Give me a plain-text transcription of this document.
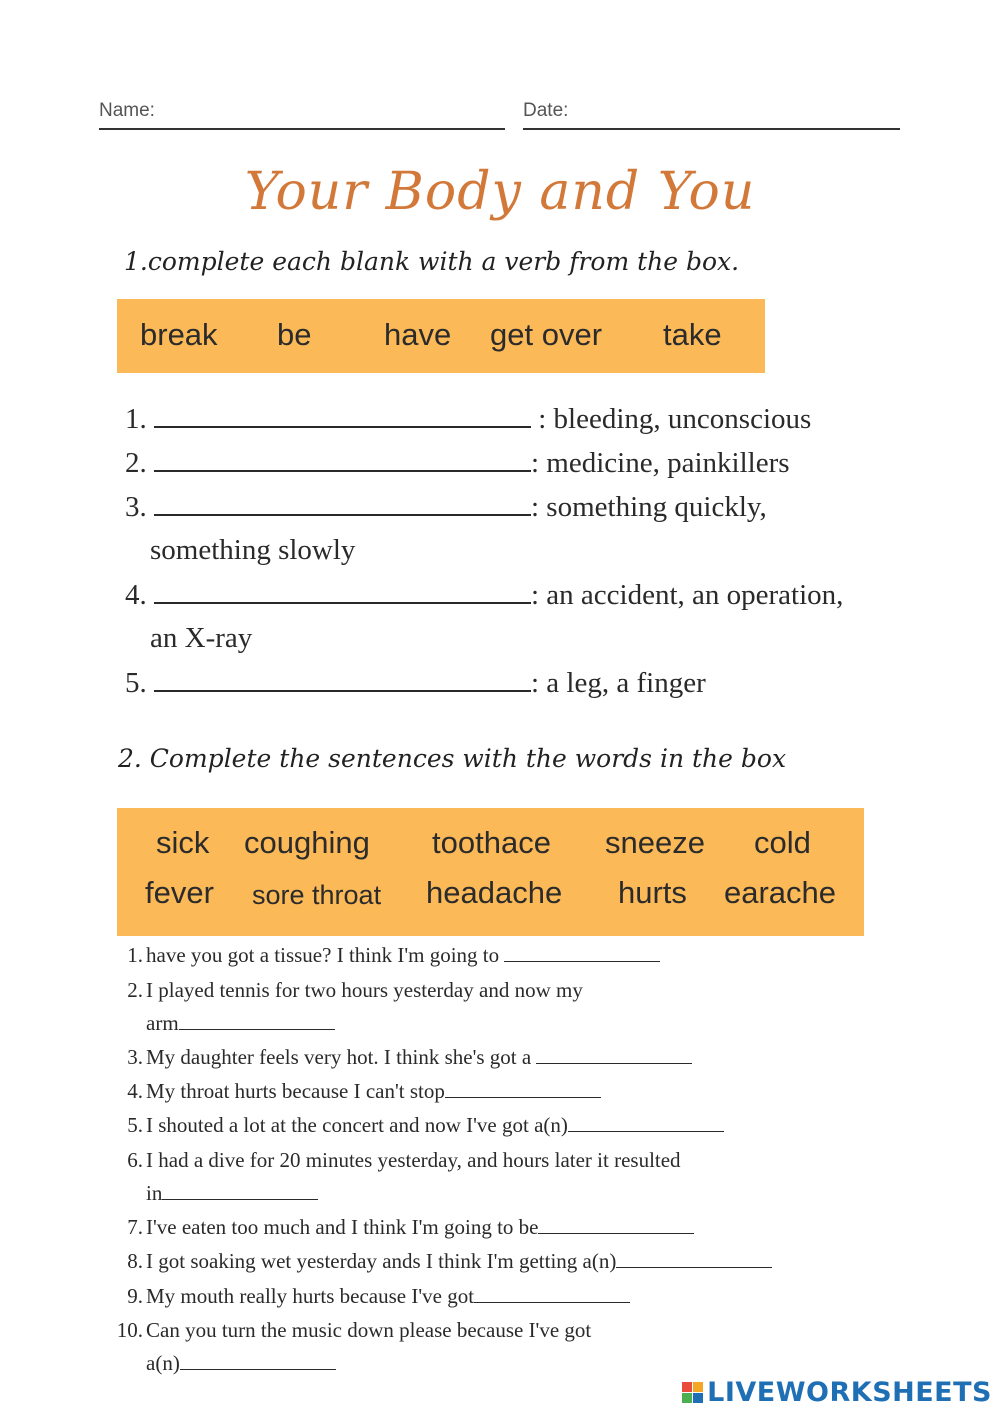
Name:	Date:
Your Body and You
1.complete each blank with a verb from the box.
break be have get over take
1.	: bleeding, unconscious
2.	: medicine, painkillers
3.	: something quickly,
something slowly
4.	: an accident, an operation,
an X-ray
5.	: a leg, a finger
2. Complete the sentences with the words in the box
sick coughing toothace sneeze cold
fever sore throat headache hurts earache
1. have you got a tissue? I think I'm going to
2. I played tennis for two hours yesterday and now my
arm
3. My daughter feels very hot. I think she's got a
4. My throat hurts because I can't stop
5. I shouted a lot at the concert and now I've got a(n)
6. I had a dive for 20 minutes yesterday, and hours later it resulted
in
7. I've eaten too much and I think I'm going to be
8. I got soaking wet yesterday ands I think I'm getting a(n)
9. My mouth really hurts because I've got
10. Can you turn the music down please because I've got
a(n)
LIVEWORKSHEETS
